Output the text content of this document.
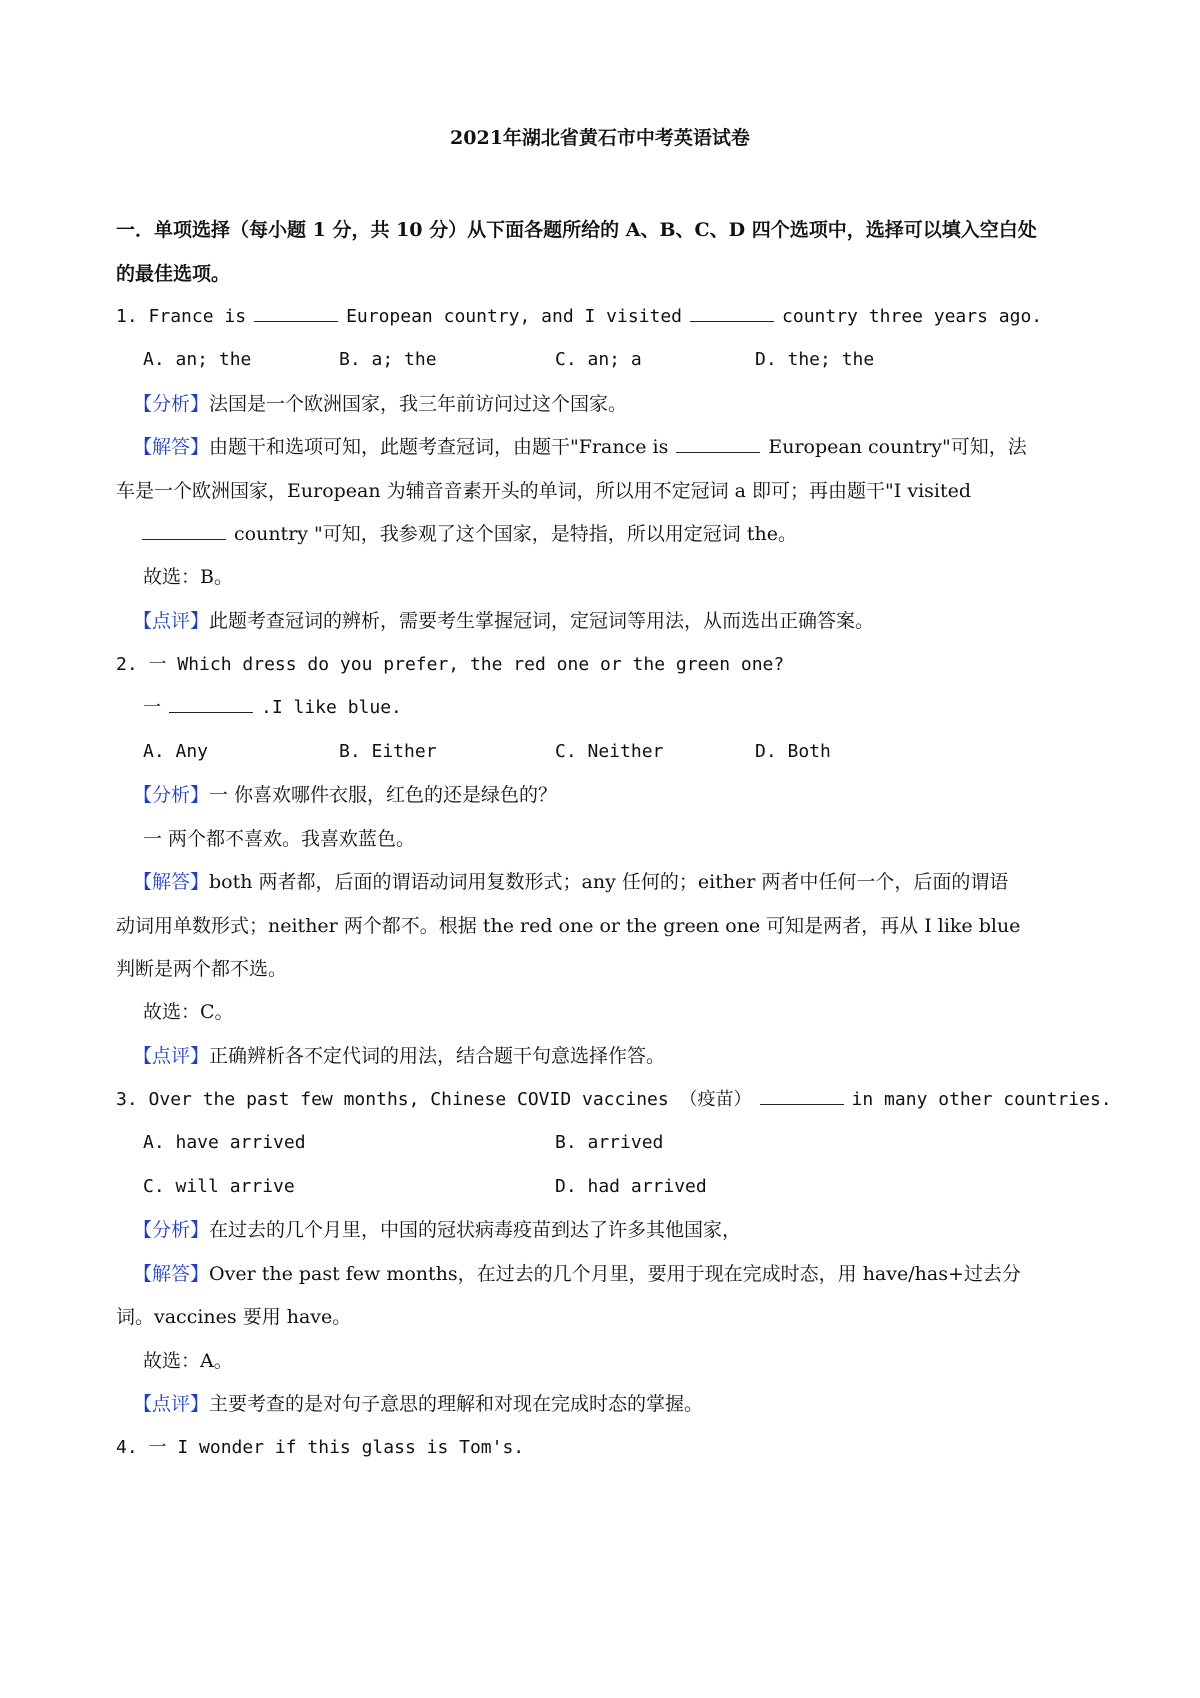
2021年湖北省黄石市中考英语试卷
一．单项选择（每小题 1 分，共 10 分）从下面各题所给的 A、B、C、D 四个选项中，选择可以填入空白处
的最佳选项。
1. France is	European country, and I visited	country three years ago.
A. an; the	B. a; the	C. an; a	D. the; the
【分析】法国是一个欧洲国家，我三年前访问过这个国家。
【解答】由题干和选项可知，此题考查冠词，由题干"France is	European country"可知，法
车是一个欧洲国家，European 为辅音音素开头的单词，所以用不定冠词 a 即可；再由题干"I visited
country "可知，我参观了这个国家，是特指，所以用定冠词 the。
故选：B。
【点评】此题考查冠词的辨析，需要考生掌握冠词，定冠词等用法，从而选出正确答案。
2. 一 Which dress do you prefer, the red one or the green one?
一	.I like blue.
A. Any	B. Either	C. Neither	D. Both
【分析】一 你喜欢哪件衣服，红色的还是绿色的？
一 两个都不喜欢。我喜欢蓝色。
【解答】both 两者都，后面的谓语动词用复数形式；any 任何的；either 两者中任何一个，后面的谓语
动词用单数形式；neither 两个都不。根据 the red one or the green one 可知是两者，再从 I like blue
判断是两个都不选。
故选：C。
【点评】正确辨析各不定代词的用法，结合题干句意选择作答。
3. Over the past few months, Chinese COVID vaccines （疫苗）	in many other countries.
A. have arrived	B. arrived
C. will arrive	D. had arrived
【分析】在过去的几个月里，中国的冠状病毒疫苗到达了许多其他国家，
【解答】Over the past few months，在过去的几个月里，要用于现在完成时态，用 have/has+过去分
词。vaccines 要用 have。
故选：A。
【点评】主要考查的是对句子意思的理解和对现在完成时态的掌握。
4. 一 I wonder if this glass is Tom's.
